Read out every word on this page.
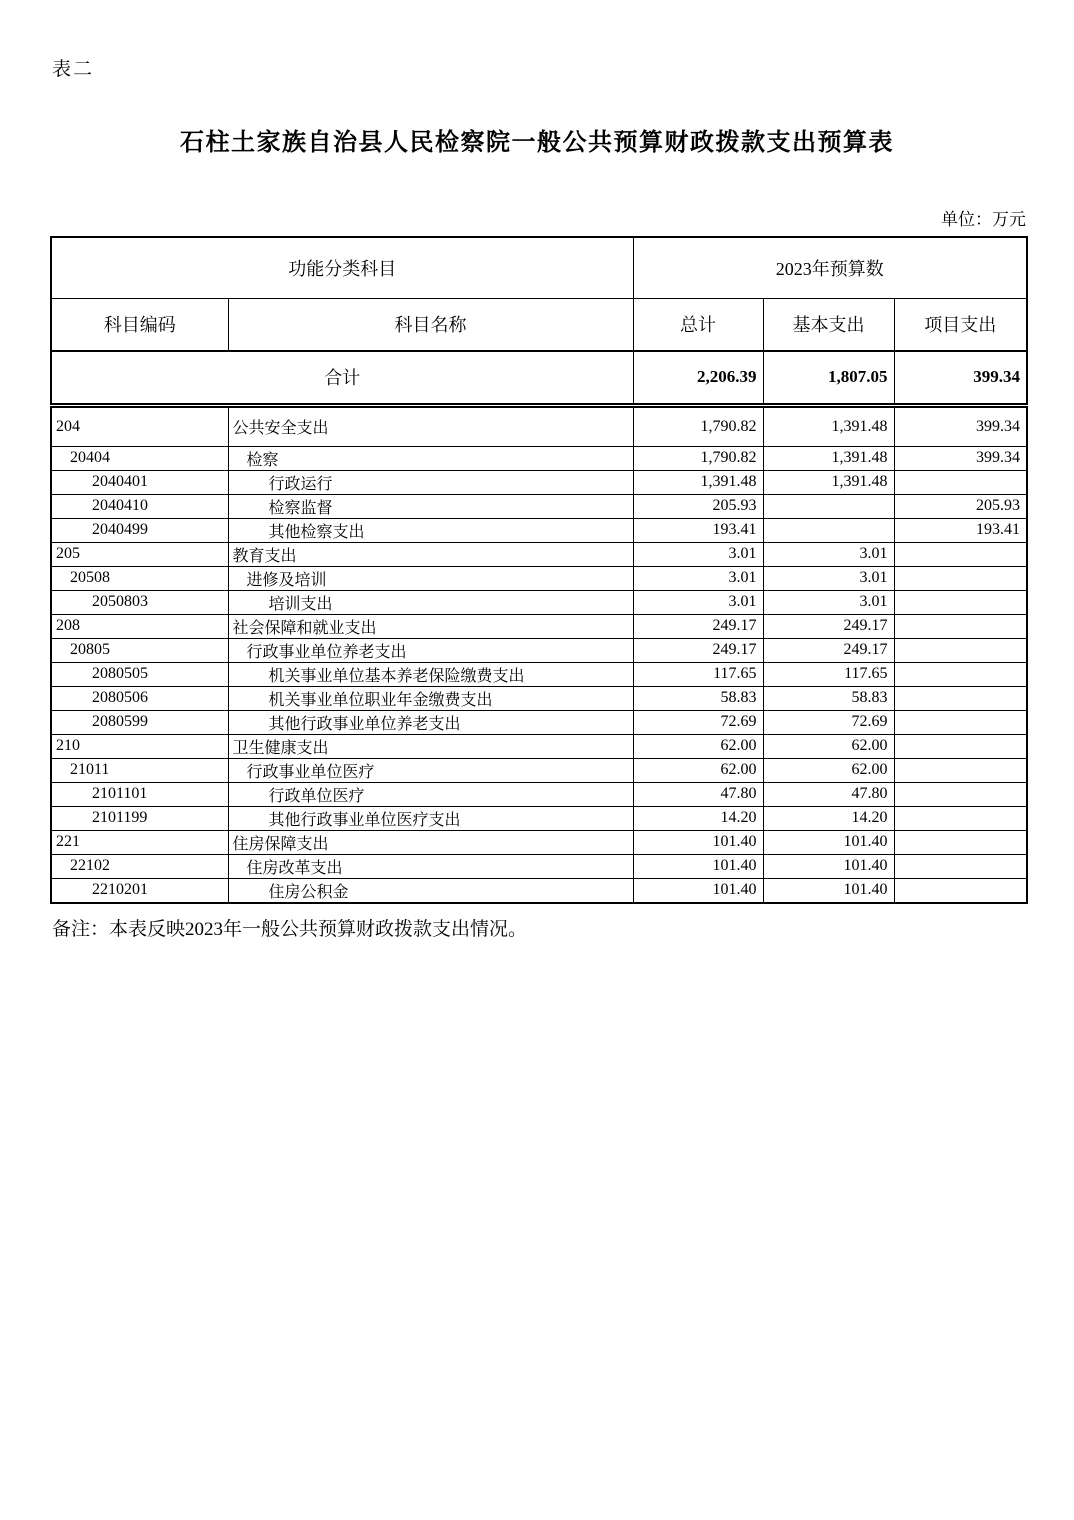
表二
石柱土家族自治县人民检察院一般公共预算财政拨款支出预算表
单位：万元
功能分类科目		2023年预算数		
科目编码	科目名称	总计	基本支出	项目支出
合计		2,206.39	1,807.05	399.34
204	公共安全支出	1,790.82	1,391.48	399.34
20404	检察	1,790.82	1,391.48	399.34
2040401	行政运行	1,391.48	1,391.48	
2040410	检察监督	205.93		205.93
2040499	其他检察支出	193.41		193.41
205	教育支出	3.01	3.01	
20508	进修及培训	3.01	3.01	
2050803	培训支出	3.01	3.01	
208	社会保障和就业支出	249.17	249.17	
20805	行政事业单位养老支出	249.17	249.17	
2080505	机关事业单位基本养老保险缴费支出	117.65	117.65	
2080506	机关事业单位职业年金缴费支出	58.83	58.83	
2080599	其他行政事业单位养老支出	72.69	72.69	
210	卫生健康支出	62.00	62.00	
21011	行政事业单位医疗	62.00	62.00	
2101101	行政单位医疗	47.80	47.80	
2101199	其他行政事业单位医疗支出	14.20	14.20	
221	住房保障支出	101.40	101.40	
22102	住房改革支出	101.40	101.40	
2210201	住房公积金	101.40	101.40	
备注：本表反映2023年一般公共预算财政拨款支出情况。
